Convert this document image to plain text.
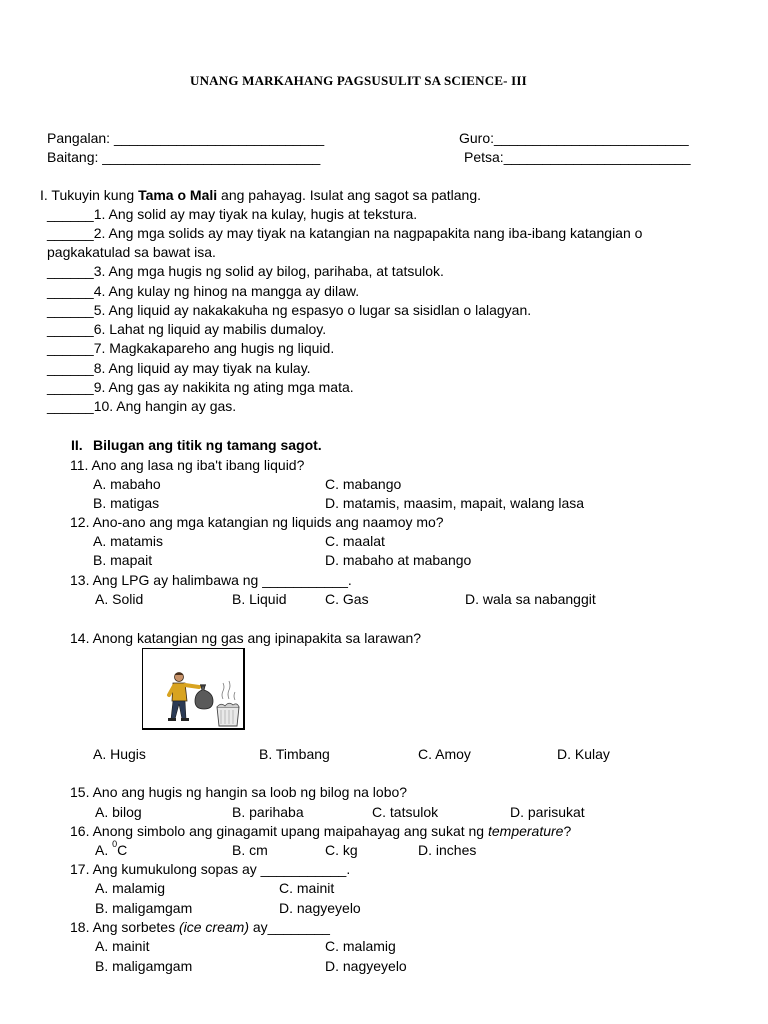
UNANG MARKAHANG PAGSUSULIT SA SCIENCE- III
Pangalan: ___________________________	Guro:_________________________
Baitang: ____________________________	Petsa:________________________
I. Tukuyin kung Tama o Mali ang pahayag. Isulat ang sagot sa patlang.
______1. Ang solid ay may tiyak na kulay, hugis at tekstura.
______2. Ang mga solids ay may tiyak na katangian na nagpapakita nang iba-ibang katangian o
pagkakatulad sa bawat isa.
______3. Ang mga hugis ng solid ay bilog, parihaba, at tatsulok.
______4. Ang kulay ng hinog na mangga ay dilaw.
______5. Ang liquid ay nakakakuha ng espasyo o lugar sa sisidlan o lalagyan.
______6. Lahat ng liquid ay mabilis dumaloy.
______7. Magkakapareho ang hugis ng liquid.
______8. Ang liquid ay may tiyak na kulay.
______9. Ang gas ay nakikita ng ating mga mata.
______10. Ang hangin ay gas.
II. Bilugan ang titik ng tamang sagot.
11. Ano ang lasa ng iba't ibang liquid?
A. mabaho	C. mabango
B. matigas	D. matamis, maasim, mapait, walang lasa
12. Ano-ano ang mga katangian ng liquids ang naamoy mo?
A. matamis	C. maalat
B. mapait	D. mabaho at mabango
13. Ang LPG ay halimbawa ng ___________.
A. Solid	B. Liquid	C. Gas	D. wala sa nabanggit
14. Anong katangian ng gas ang ipinapakita sa larawan?
A. Hugis	B. Timbang	C. Amoy	D. Kulay
15. Ano ang hugis ng hangin sa loob ng bilog na lobo?
A. bilog	B. parihaba	C. tatsulok	D. parisukat
16. Anong simbolo ang ginagamit upang maipahayag ang sukat ng temperature?
A. $^0$C	B. cm	C. kg	D. inches
17. Ang kumukulong sopas ay ___________.
A. malamig	C. mainit
B. maligamgam	D. nagyeyelo
18. Ang sorbetes (ice cream) ay________
A. mainit	C. malamig
B. maligamgam	D. nagyeyelo
